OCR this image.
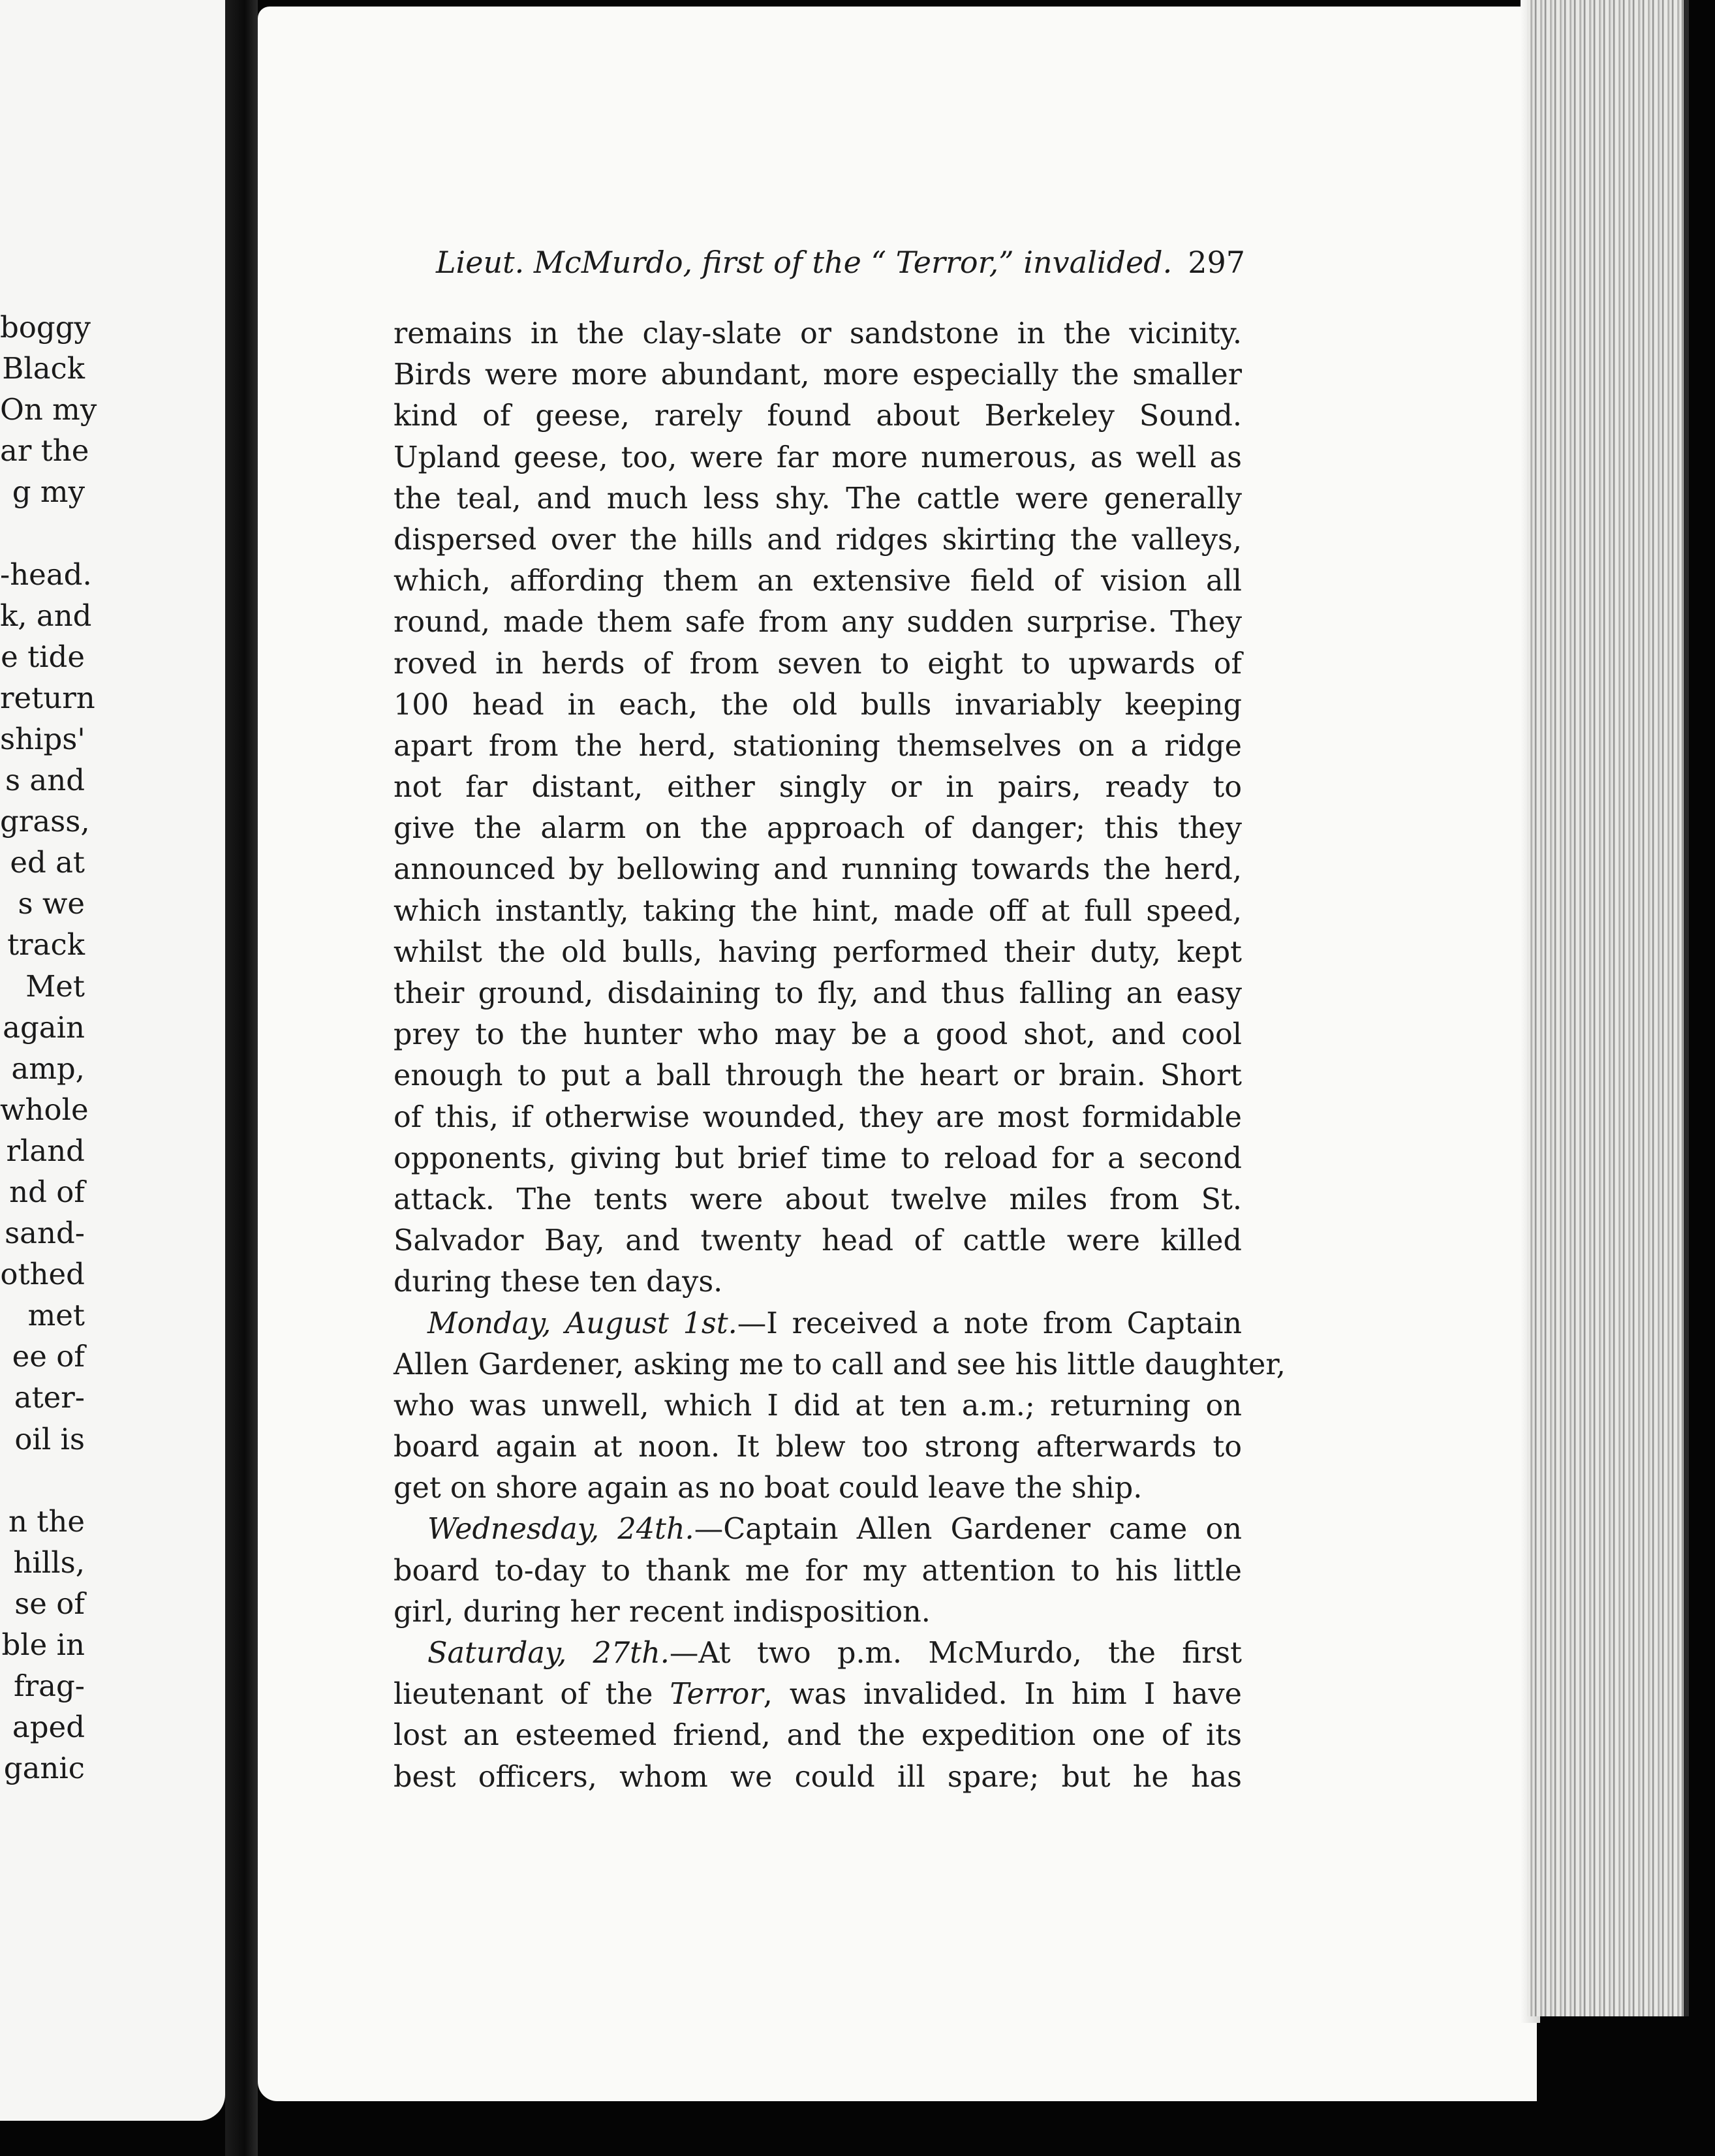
boggy
Black
On my
ar the
g my

-head.
k, and
e tide
return
ships'
s and
grass,
ed at
s we
track
Met
again
amp,
whole
rland
nd of
sand-
othed
met
ee of
ater-
oil is

n the
hills,
se of
ble in
frag-
aped
ganic
Lieut. McMurdo, first of the “ Terror,” invalided. 297
remains in the clay-slate or sandstone in the vicinity.
Birds were more abundant, more especially the smaller
kind of geese, rarely found about Berkeley Sound.
Upland geese, too, were far more numerous, as well as
the teal, and much less shy. The cattle were generally
dispersed over the hills and ridges skirting the valleys,
which, affording them an extensive field of vision all
round, made them safe from any sudden surprise. They
roved in herds of from seven to eight to upwards of
100 head in each, the old bulls invariably keeping
apart from the herd, stationing themselves on a ridge
not far distant, either singly or in pairs, ready to
give the alarm on the approach of danger; this they
announced by bellowing and running towards the herd,
which instantly, taking the hint, made off at full speed,
whilst the old bulls, having performed their duty, kept
their ground, disdaining to fly, and thus falling an easy
prey to the hunter who may be a good shot, and cool
enough to put a ball through the heart or brain. Short
of this, if otherwise wounded, they are most formidable
opponents, giving but brief time to reload for a second
attack. The tents were about twelve miles from St.
Salvador Bay, and twenty head of cattle were killed
during these ten days.
Monday, August 1st.—I received a note from Captain
Allen Gardener, asking me to call and see his little daughter,
who was unwell, which I did at ten a.m.; returning on
board again at noon. It blew too strong afterwards to
get on shore again as no boat could leave the ship.
Wednesday, 24th.—Captain Allen Gardener came on
board to-day to thank me for my attention to his little
girl, during her recent indisposition.
Saturday, 27th.—At two p.m. McMurdo, the first
lieutenant of the Terror, was invalided. In him I have
lost an esteemed friend, and the expedition one of its
best officers, whom we could ill spare; but he has
